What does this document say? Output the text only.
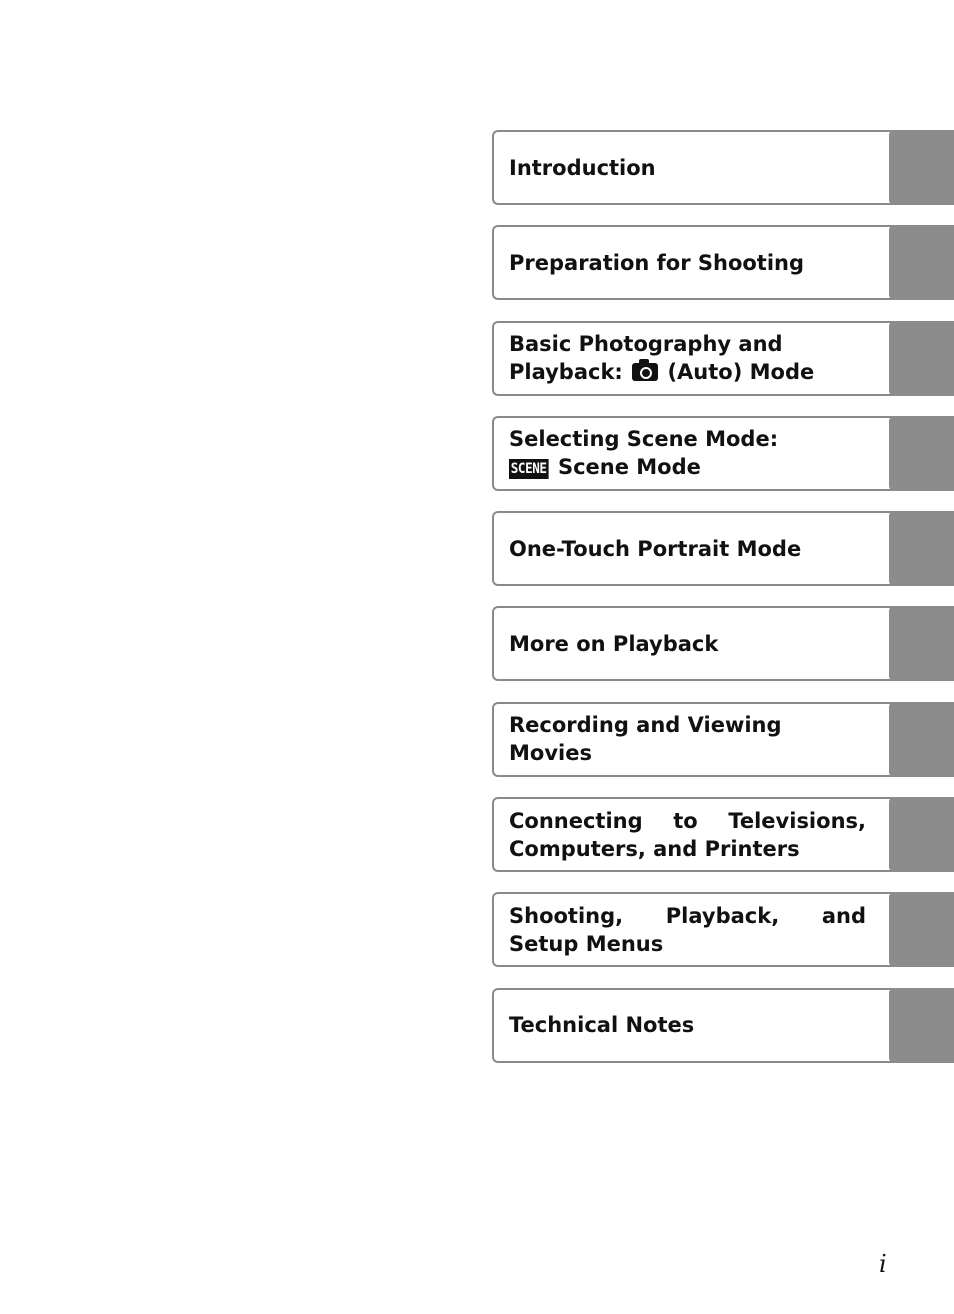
Introduction
Preparation for Shooting
Basic Photography and
Playback: (Auto) Mode
Selecting Scene Mode:
SCENE Scene Mode
One-Touch Portrait Mode
More on Playback
Recording and Viewing Movies
Connecting to Televisions, Computers, and Printers
Shooting, Playback, and Setup Menus
Technical Notes
i
